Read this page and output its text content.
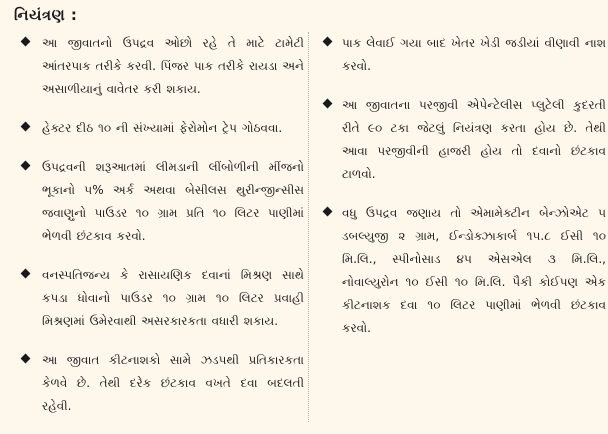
નિયંત્રણ :
આ જીવાતનો ઉપદ્રવ ઓછો રહે તે માટે ટામેટી આંતરપાક તરીકે કરવી. પિંજર પાક તરીકે રાયડા અને અસાળીયાનું વાવેતર કરી શકાય.
હેક્ટર દીઠ ૧૦ ની સંખ્યામાં ફેરોમોન ટ્રેપ ગોઠવવા.
ઉપદ્રવની શરૂઆતમાં લીમડાની લીંબોળીની મીંજનો ભૂકાનો ૫% અર્ક અથવા બેસીલસ થુરીન્જીન્સીસ જવાણુનો પાઉડર ૧૦ ગ્રામ પ્રતિ ૧૦ લિટર પાણીમાં ભેળવી છંટકાવ કરવો.
વનસ્પતિજન્ય કે રાસાયણિક દવાનાં મિશ્રણ સાથે કપડા ધોવાનો પાઉડર ૧૦ ગ્રામ ૧૦ લિટર પ્રવાહી મિશ્રણમાં ઉમેરવાથી અસરકારકતા વધારી શકાય.
આ જીવાત કીટનાશકો સામે ઝડપથી પ્રતિકારકતા કેળવે છે. તેથી દરેક છંટકાવ વખતે દવા બદલતી રહેવી.
પાક લેવાઈ ગયા બાદ ખેતર ખેડી જડીયાં વીણાવી નાશ કરવો.
આ જીવાતના પરજીવી એપેન્ટેલીસ પ્લુટેલી કુદરતી રીતે ૯૦ ટકા જેટલું નિયંત્રણ કરતા હોય છે. તેથી આવા પરજીવીની હાજરી હોય તો દવાનો છંટકાવ ટાળવો.
વધુ ઉપદ્રવ જણાય તો એમામેક્ટીન બેન્ઝોએટ ૫ ડબલ્યુજી ૨ ગ્રામ, ઈન્ડોક્ઝાકાર્બ ૧૫.૮ ઈસી ૧૦ મિ.લિ., સ્પીનોસાડ ૪૫ એસએલ ૩ મિ.લિ., નોવાલ્યુરોન ૧૦ ઈસી ૧૦ મિ.લિ. પૈકી કોઈપણ એક કીટનાશક દવા ૧૦ લિટર પાણીમાં ભેળવી છંટકાવ કરવો.
